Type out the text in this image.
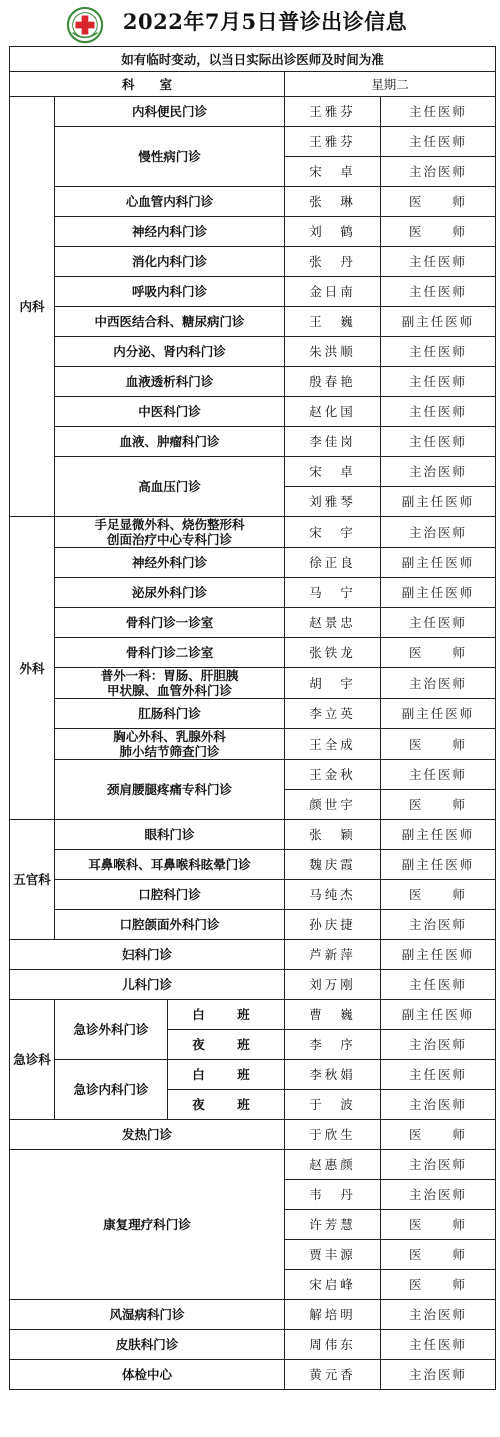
2022年7月5日普诊出诊信息
如有临时变动，以当日实际出诊医师及时间为准				
科　　室			星期二	
内科	内科便民门诊		王雅芬	主任医师
	慢性病门诊		王雅芬	主任医师
			宋　卓	主治医师
	心血管内科门诊		张　琳	医　　师
	神经内科门诊		刘　鹤	医　　师
	消化内科门诊		张　丹	主任医师
	呼吸内科门诊		金日南	主任医师
	中西医结合科、糖尿病门诊		王　巍	副主任医师
	内分泌、肾内科门诊		朱洪顺	主任医师
	血液透析科门诊		殷春艳	主任医师
	中医科门诊		赵化国	主任医师
	血液、肿瘤科门诊		李佳岗	主任医师
	高血压门诊		宋　卓	主治医师
			刘雅琴	副主任医师
外科	手足显微外科、烧伤整形科
创面治疗中心专科门诊		宋　宇	主治医师
	神经外科门诊		徐正良	副主任医师
	泌尿外科门诊		马　宁	副主任医师
	骨科门诊一诊室		赵景忠	主任医师
	骨科门诊二诊室		张铁龙	医　　师

	普外一科：胃肠、肝胆胰
甲状腺、血管外科门诊		胡　宇	主治医师
	肛肠科门诊		李立英	副主任医师

	胸心外科、乳腺外科
肺小结节筛查门诊		王全成	医　　师
	颈肩腰腿疼痛专科门诊		王金秋	主任医师
			颜世宇	医　　师
五官科	眼科门诊		张　颖	副主任医师
	耳鼻喉科、耳鼻喉科眩晕门诊		魏庆霞	副主任医师
	口腔科门诊		马纯杰	医　　师
	口腔颌面外科门诊		孙庆捷	主治医师
妇科门诊			芦新萍	副主任医师
儿科门诊			刘万刚	主任医师
急诊科	急诊外科门诊	白　班	曹　巍	副主任医师
		夜　班	李　序	主治医师
	急诊内科门诊	白　班	李秋娟	主任医师
		夜　班	于　波	主治医师
发热门诊			于欣生	医　　师
康复理疗科门诊			赵惠颜	主治医师
			韦　丹	主治医师
			许芳慧	医　　师
			贾丰源	医　　师
			宋启峰	医　　师
风湿病科门诊			解培明	主治医师
皮肤科门诊			周伟东	主任医师
体检中心			黄元香	主治医师
